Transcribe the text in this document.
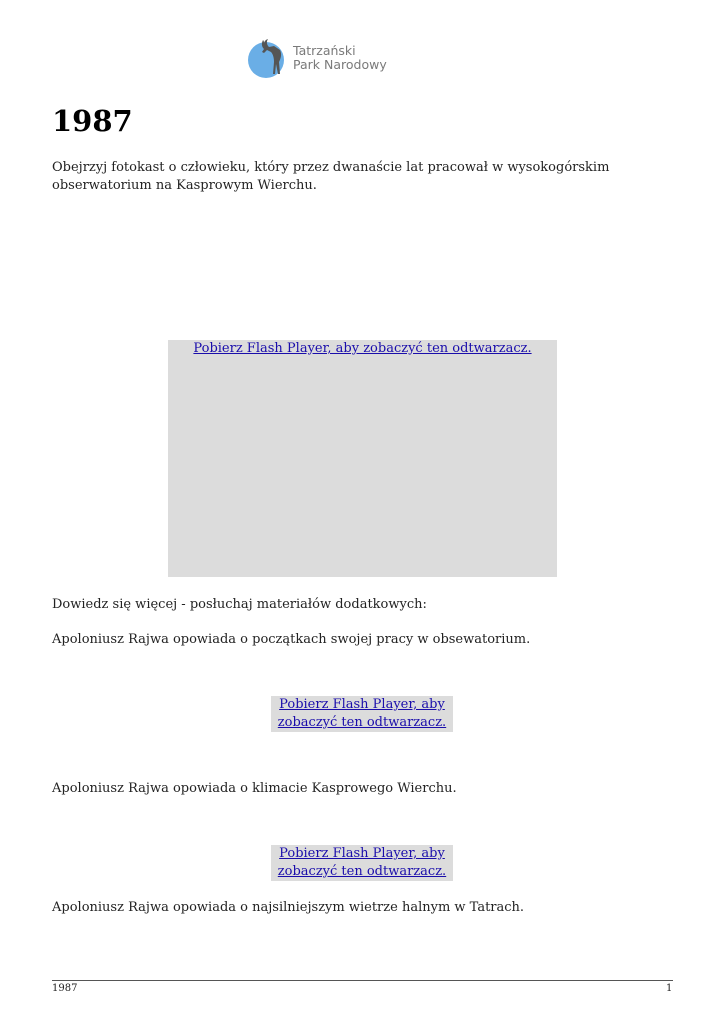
Tatrzański
Park Narodowy
1987

Obejrzyj fotokast o człowieku, który przez dwanaście lat pracował w wysokogórskim obserwatorium na Kasprowym Wierchu.

Pobierz Flash Player, aby zobaczyć ten odtwarzacz.

Dowiedz się więcej - posłuchaj materiałów dodatkowych:

Apoloniusz Rajwa opowiada o początkach swojej pracy w obsewatorium.

Pobierz Flash Player, aby
zobaczyć ten odtwarzacz.

Apoloniusz Rajwa opowiada o klimacie Kasprowego Wierchu.

Pobierz Flash Player, aby
zobaczyć ten odtwarzacz.

Apoloniusz Rajwa opowiada o najsilniejszym wietrze halnym w Tatrach.

1987	1
